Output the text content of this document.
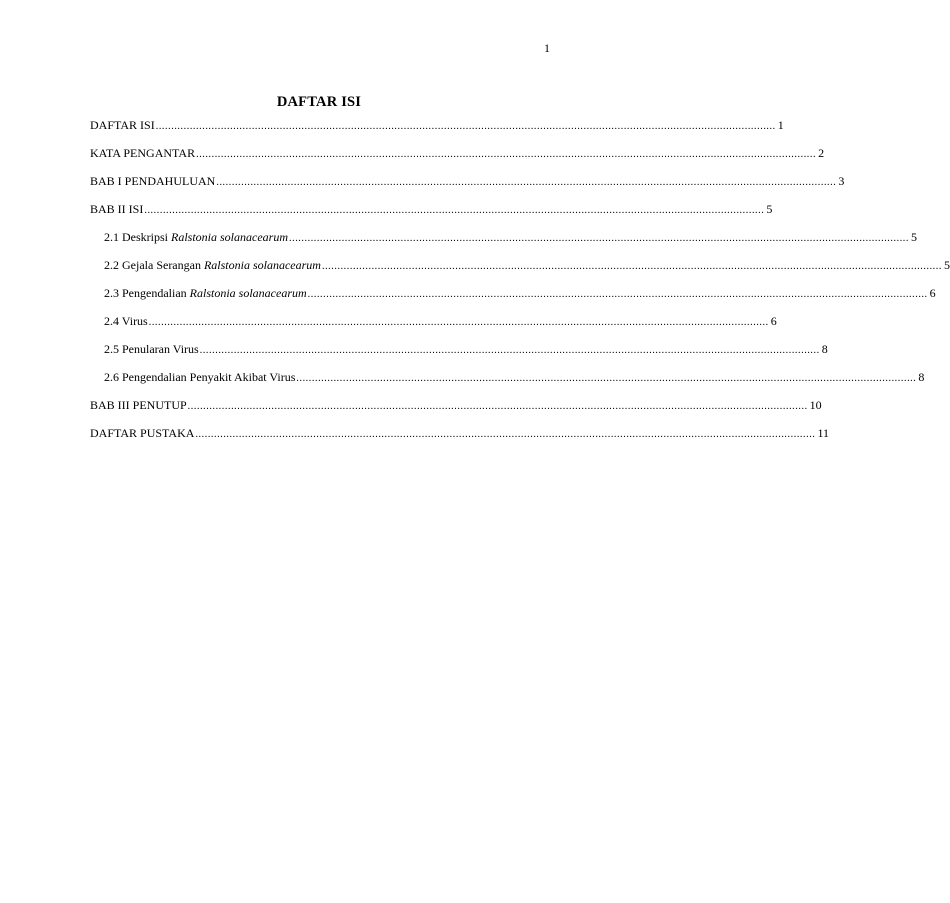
1
DAFTAR ISI
DAFTAR ISI ........................................................................................................................................................................................................ 1
KATA PENGANTAR ........................................................................................................................................................................................................ 2
BAB I PENDAHULUAN ........................................................................................................................................................................................................ 3
BAB II ISI ........................................................................................................................................................................................................ 5
2.1 Deskripsi Ralstonia solanacearum ........................................................................................................................................................................................................ 5
2.2 Gejala Serangan Ralstonia solanacearum ........................................................................................................................................................................................................ 5
2.3 Pengendalian Ralstonia solanacearum ........................................................................................................................................................................................................ 6
2.4 Virus ........................................................................................................................................................................................................ 6
2.5 Penularan Virus ........................................................................................................................................................................................................ 8
2.6 Pengendalian Penyakit Akibat Virus ........................................................................................................................................................................................................ 8
BAB III PENUTUP ........................................................................................................................................................................................................ 10
DAFTAR PUSTAKA ........................................................................................................................................................................................................ 11
